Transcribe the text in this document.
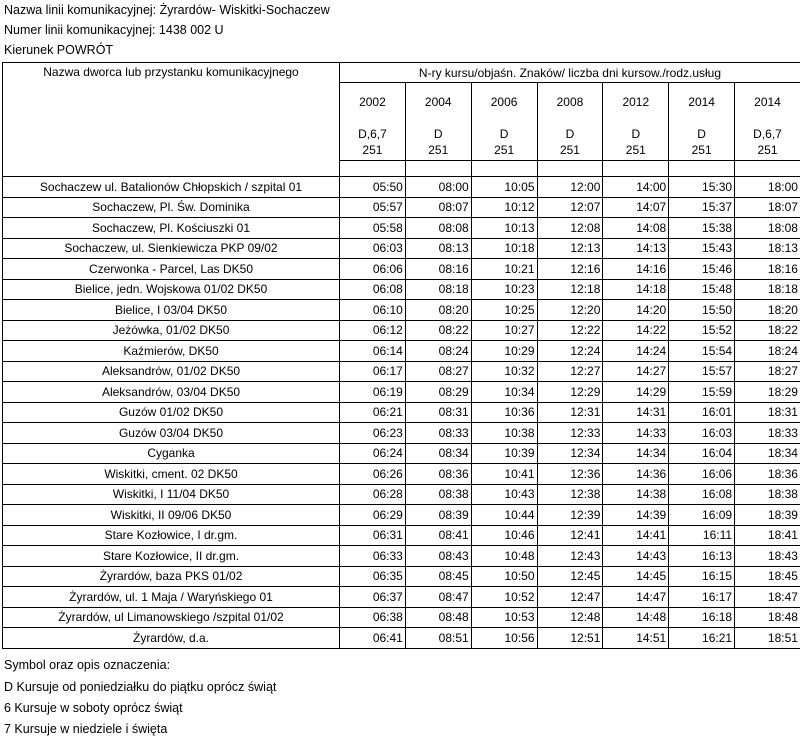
Nazwa linii komunikacyjnej: Żyrardów- Wiskitki-Sochaczew
Numer linii komunikacyjnej: 1438 002 U
Kierunek POWRÓT
Nazwa dworca lub przystanku komunikacyjnego	N-ry kursu/objaśn. Znaków/ liczba dni kursow./rodz.usług						
	2002	2004	2006	2008	2012	2014	2014
	D,6,7	D	D	D	D	D	D,6,7
	251	251	251	251	251	251	251

Sochaczew ul. Batalionów Chłopskich / szpital 01	05:50	08:00	10:05	12:00	14:00	15:30	18:00
Sochaczew, Pl. Św. Dominika	05:57	08:07	10:12	12:07	14:07	15:37	18:07
Sochaczew, Pl. Kościuszki 01	05:58	08:08	10:13	12:08	14:08	15:38	18:08
Sochaczew, ul. Sienkiewicza PKP 09/02	06:03	08:13	10:18	12:13	14:13	15:43	18:13
Czerwonka - Parcel, Las DK50	06:06	08:16	10:21	12:16	14:16	15:46	18:16
Bielice, jedn. Wojskowa 01/02 DK50	06:08	08:18	10:23	12:18	14:18	15:48	18:18
Bielice, I 03/04 DK50	06:10	08:20	10:25	12:20	14:20	15:50	18:20
Jeżówka, 01/02 DK50	06:12	08:22	10:27	12:22	14:22	15:52	18:22
Kaźmierów, DK50	06:14	08:24	10:29	12:24	14:24	15:54	18:24
Aleksandrów, 01/02 DK50	06:17	08:27	10:32	12:27	14:27	15:57	18:27
Aleksandrów, 03/04 DK50	06:19	08:29	10:34	12:29	14:29	15:59	18:29
Guzów 01/02 DK50	06:21	08:31	10:36	12:31	14:31	16:01	18:31
Guzów 03/04 DK50	06:23	08:33	10:38	12:33	14:33	16:03	18:33
Cyganka	06:24	08:34	10:39	12:34	14:34	16:04	18:34
Wiskitki, cment. 02 DK50	06:26	08:36	10:41	12:36	14:36	16:06	18:36
Wiskitki, I 11/04 DK50	06:28	08:38	10:43	12:38	14:38	16:08	18:38
Wiskitki, II 09/06 DK50	06:29	08:39	10:44	12:39	14:39	16:09	18:39
Stare Kozłowice, I dr.gm.	06:31	08:41	10:46	12:41	14:41	16:11	18:41
Stare Kozłowice, II dr.gm.	06:33	08:43	10:48	12:43	14:43	16:13	18:43
Żyrardów, baza PKS 01/02	06:35	08:45	10:50	12:45	14:45	16:15	18:45
Żyrardów, ul. 1 Maja / Waryńskiego 01	06:37	08:47	10:52	12:47	14:47	16:17	18:47
Żyrardów, ul Limanowskiego /szpital 01/02	06:38	08:48	10:53	12:48	14:48	16:18	18:48
Żyrardów, d.a.	06:41	08:51	10:56	12:51	14:51	16:21	18:51
Symbol oraz opis oznaczenia:
D Kursuje od poniedziałku do piątku oprócz świąt
6 Kursuje w soboty oprócz świąt
7 Kursuje w niedziele i święta
